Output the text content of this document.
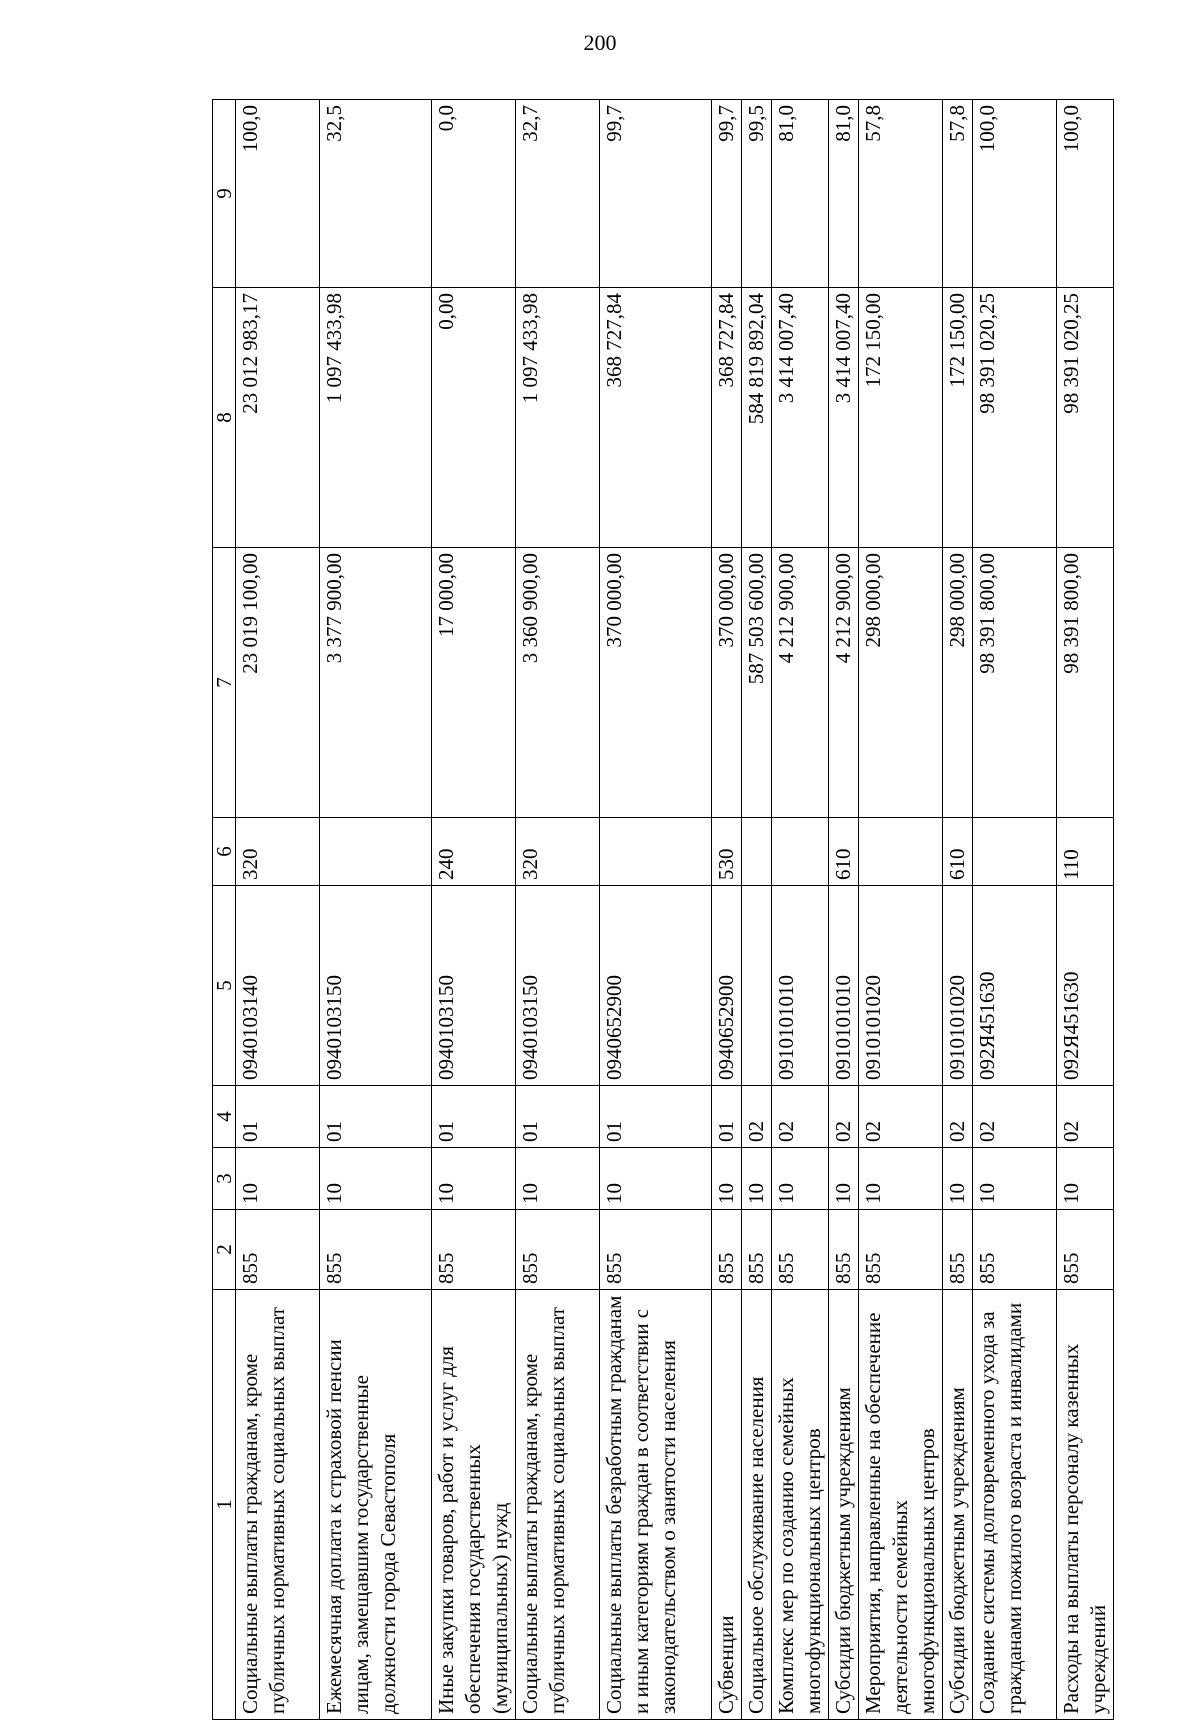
200
1	2	3	4	5	6	7	8	9
Социальные выплаты гражданам, кроме публичных нормативных социальных выплат	855	10	01	0940103140	320	23 019 100,00	23 012 983,17	100,0
Ежемесячная доплата к страховой пенсии лицам, замещавшим государственные должности города Севастополя	855	10	01	0940103150		3 377 900,00	1 097 433,98	32,5
Иные закупки товаров, работ и услуг для обеспечения государственных (муниципальных) нужд	855	10	01	0940103150	240	17 000,00	0,00	0,0
Социальные выплаты гражданам, кроме публичных нормативных социальных выплат	855	10	01	0940103150	320	3 360 900,00	1 097 433,98	32,7
Социальные выплаты безработным гражданам и иным категориям граждан в соответствии с законодательством о занятости населения	855	10	01	0940652900		370 000,00	368 727,84	99,7
Субвенции	855	10	01	0940652900	530	370 000,00	368 727,84	99,7
Социальное обслуживание населения	855	10	02			587 503 600,00	584 819 892,04	99,5
Комплекс мер по созданию семейных многофункциональных центров	855	10	02	0910101010		4 212 900,00	3 414 007,40	81,0
Субсидии бюджетным учреждениям	855	10	02	0910101010	610	4 212 900,00	3 414 007,40	81,0
Мероприятия, направленные на обеспечение деятельности семейных многофункциональных центров	855	10	02	0910101020		298 000,00	172 150,00	57,8
Субсидии бюджетным учреждениям	855	10	02	0910101020	610	298 000,00	172 150,00	57,8
Создание системы долговременного ухода за гражданами пожилого возраста и инвалидами	855	10	02	092Я451630		98 391 800,00	98 391 020,25	100,0
Расходы на выплаты персоналу казенных учреждений	855	10	02	092Я451630	110	98 391 800,00	98 391 020,25	100,0
